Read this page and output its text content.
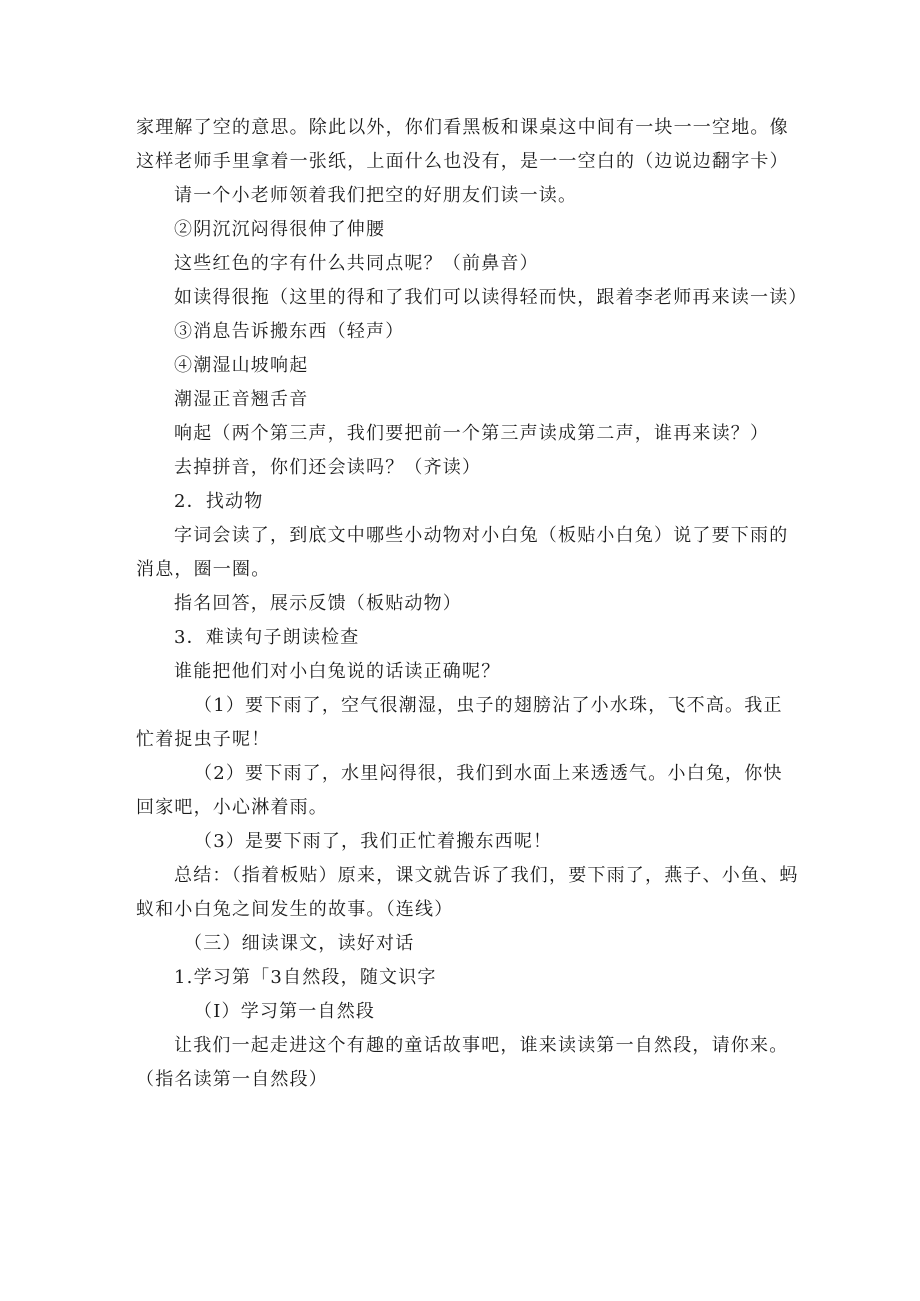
家理解了空的意思。除此以外，你们看黑板和课桌这中间有一块一一空地。像这样老师手里拿着一张纸，上面什么也没有，是一一空白的（边说边翻字卡）

请一个小老师领着我们把空的好朋友们读一读。

②阴沉沉闷得很伸了伸腰

这些红色的字有什么共同点呢？（前鼻音）

如读得很拖（这里的得和了我们可以读得轻而快，跟着李老师再来读一读）

③消息告诉搬东西（轻声）

④潮湿山坡响起

潮湿正音翘舌音

响起（两个第三声，我们要把前一个第三声读成第二声，谁再来读？）

去掉拼音，你们还会读吗？（齐读）

2．找动物

字词会读了，到底文中哪些小动物对小白兔（板贴小白兔）说了要下雨的消息，圈一圈。

指名回答，展示反馈（板贴动物）

3．难读句子朗读检查

谁能把他们对小白兔说的话读正确呢？

（1）要下雨了，空气很潮湿，虫子的翅膀沾了小水珠，飞不高。我正忙着捉虫子呢！

（2）要下雨了，水里闷得很，我们到水面上来透透气。小白兔，你快回家吧，小心淋着雨。

（3）是要下雨了，我们正忙着搬东西呢！

总结：（指着板贴）原来，课文就告诉了我们，要下雨了，燕子、小鱼、蚂蚁和小白兔之间发生的故事。（连线）

（三）细读课文，读好对话

1.学习第「3自然段，随文识字

（I）学习第一自然段

让我们一起走进这个有趣的童话故事吧，谁来读读第一自然段，请你来。（指名读第一自然段）
